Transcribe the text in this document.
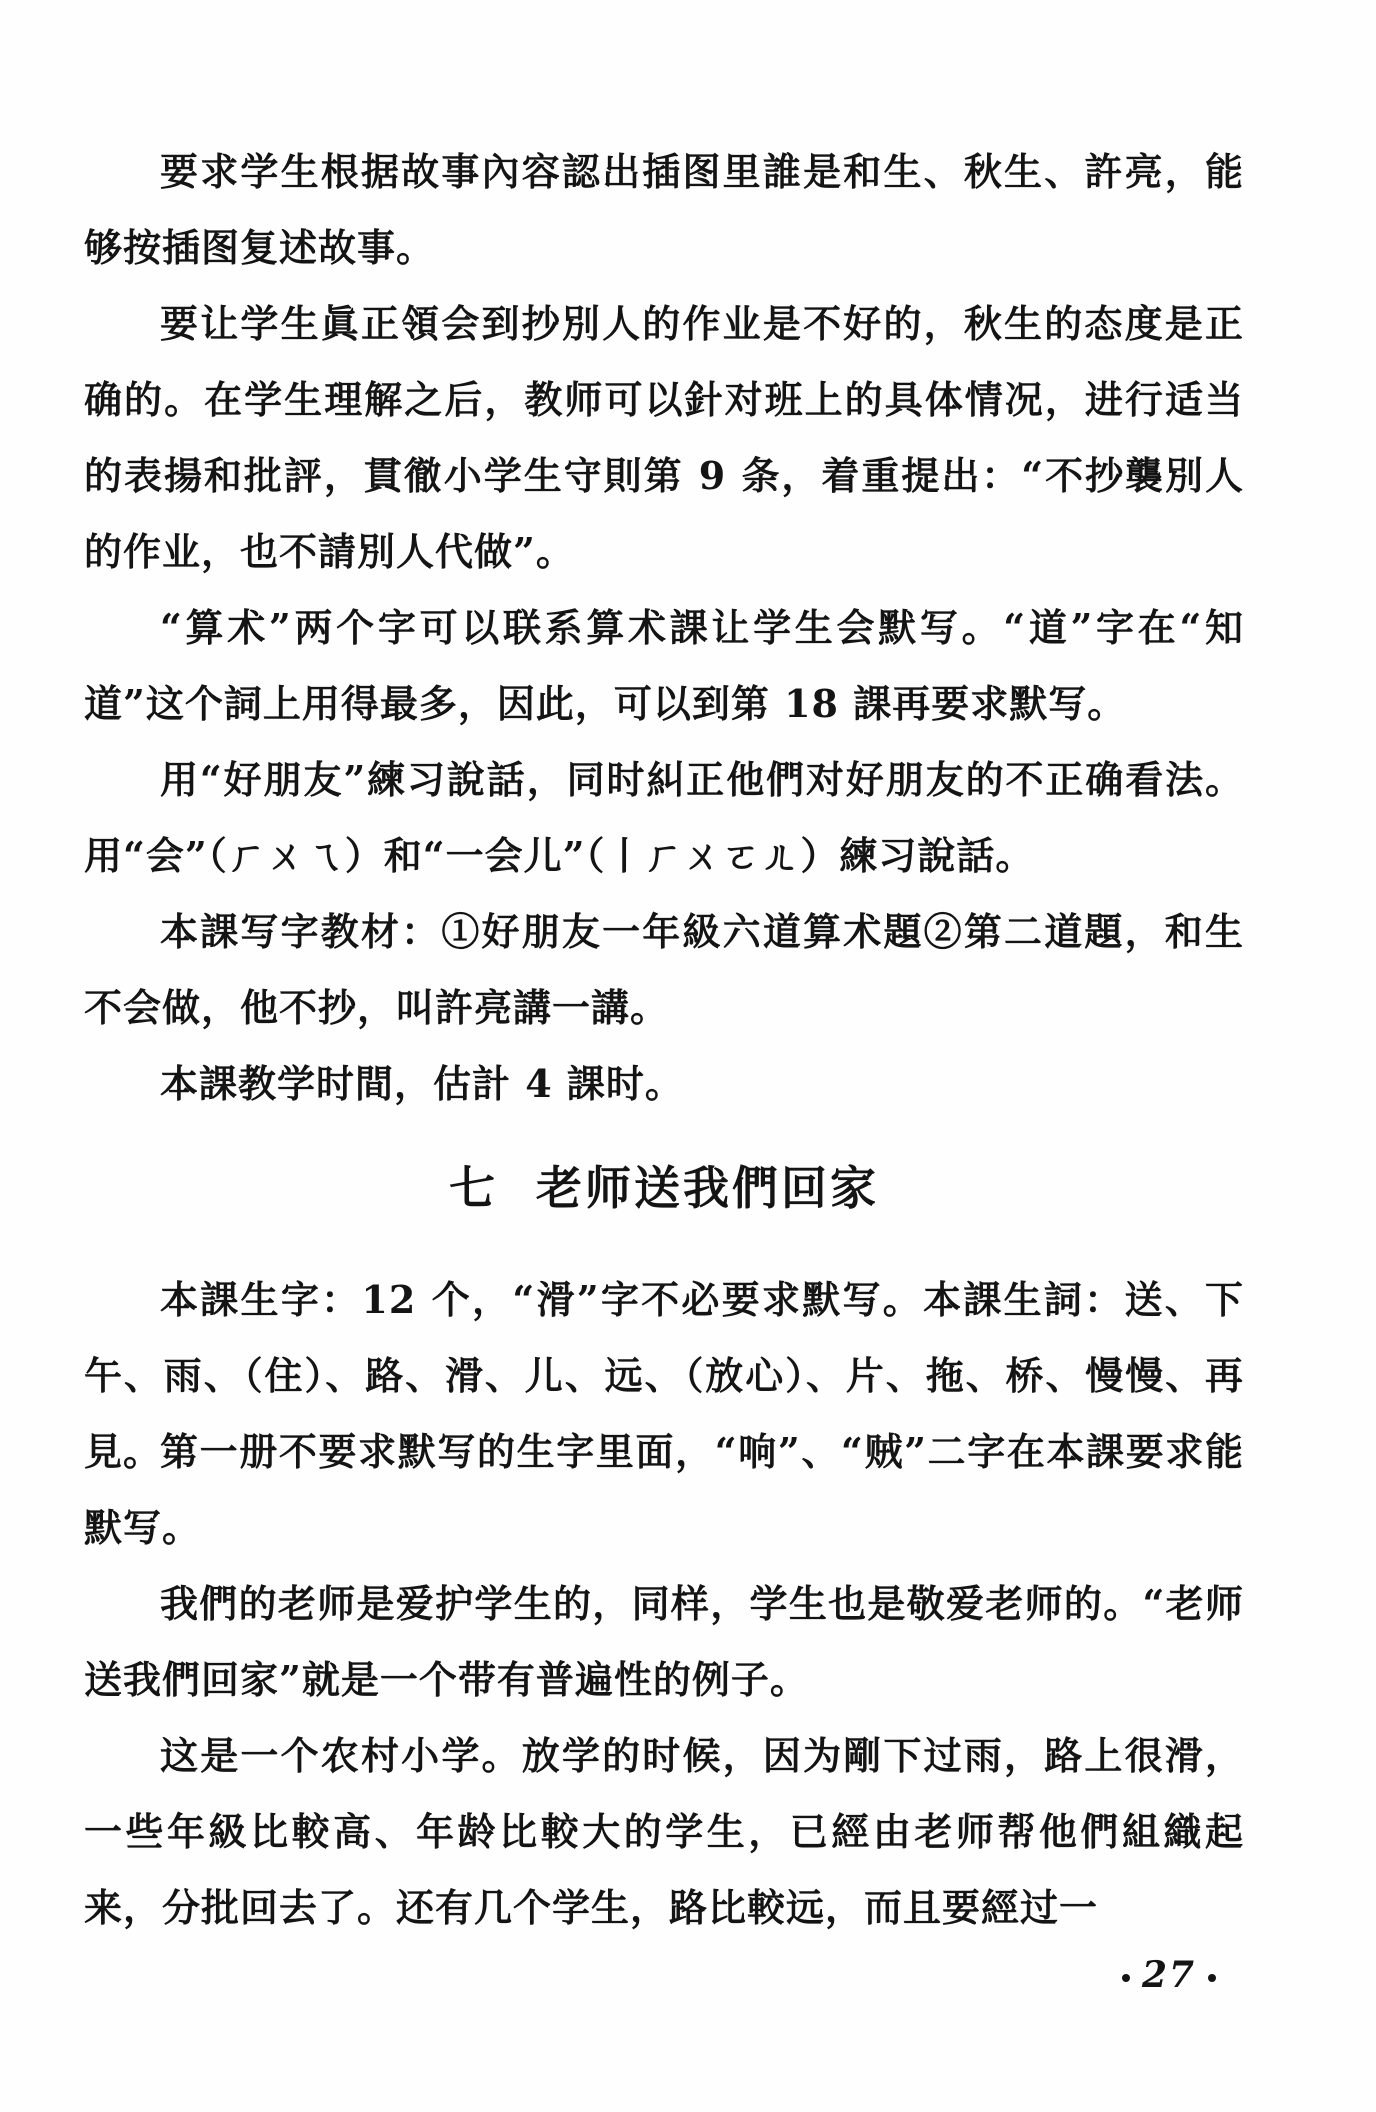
要求学生根据故事內容認出插图里誰是和生、秋生、許亮，能够按插图复述故事。

要让学生眞正領会到抄別人的作业是不好的，秋生的态度是正确的。在学生理解之后，教师可以針对班上的具体情况，进行适当的表揚和批評，貫徹小学生守則第 9 条，着重提出：“不抄襲別人的作业，也不請別人代做”。

“算术”两个字可以联系算术課让学生会默写。“道”字在“知道”这个詞上用得最多，因此，可以到第 18 課再要求默写。

用“好朋友”練习說話，同时糾正他們对好朋友的不正确看法。用“会”（ㄏㄨㄟ）和“一会儿”（丨ㄏㄨㄛㄦ）練习說話。

本課写字教材：①好朋友一年級六道算术題②第二道題，和生不会做，他不抄，叫許亮講一講。

本課教学时間，估計 4 課时。

七 老师送我們回家

本課生字：12 个，“滑”字不必要求默写。本課生詞：送、下午、雨、（住）、路、滑、儿、远、（放心）、片、拖、桥、慢慢、再見。

第一册不要求默写的生字里面，“响”、“贼”二字在本課要求能默写。

我們的老师是爱护学生的，同样，学生也是敬爱老师的。“老师送我們回家”就是一个带有普遍性的例子。

这是一个农村小学。放学的时候，因为剛下过雨，路上很滑，一些年級比較高、年龄比較大的学生，已經由老师帮他們組織起来，分批回去了。还有几个学生，路比較远，而且要經过一

27
